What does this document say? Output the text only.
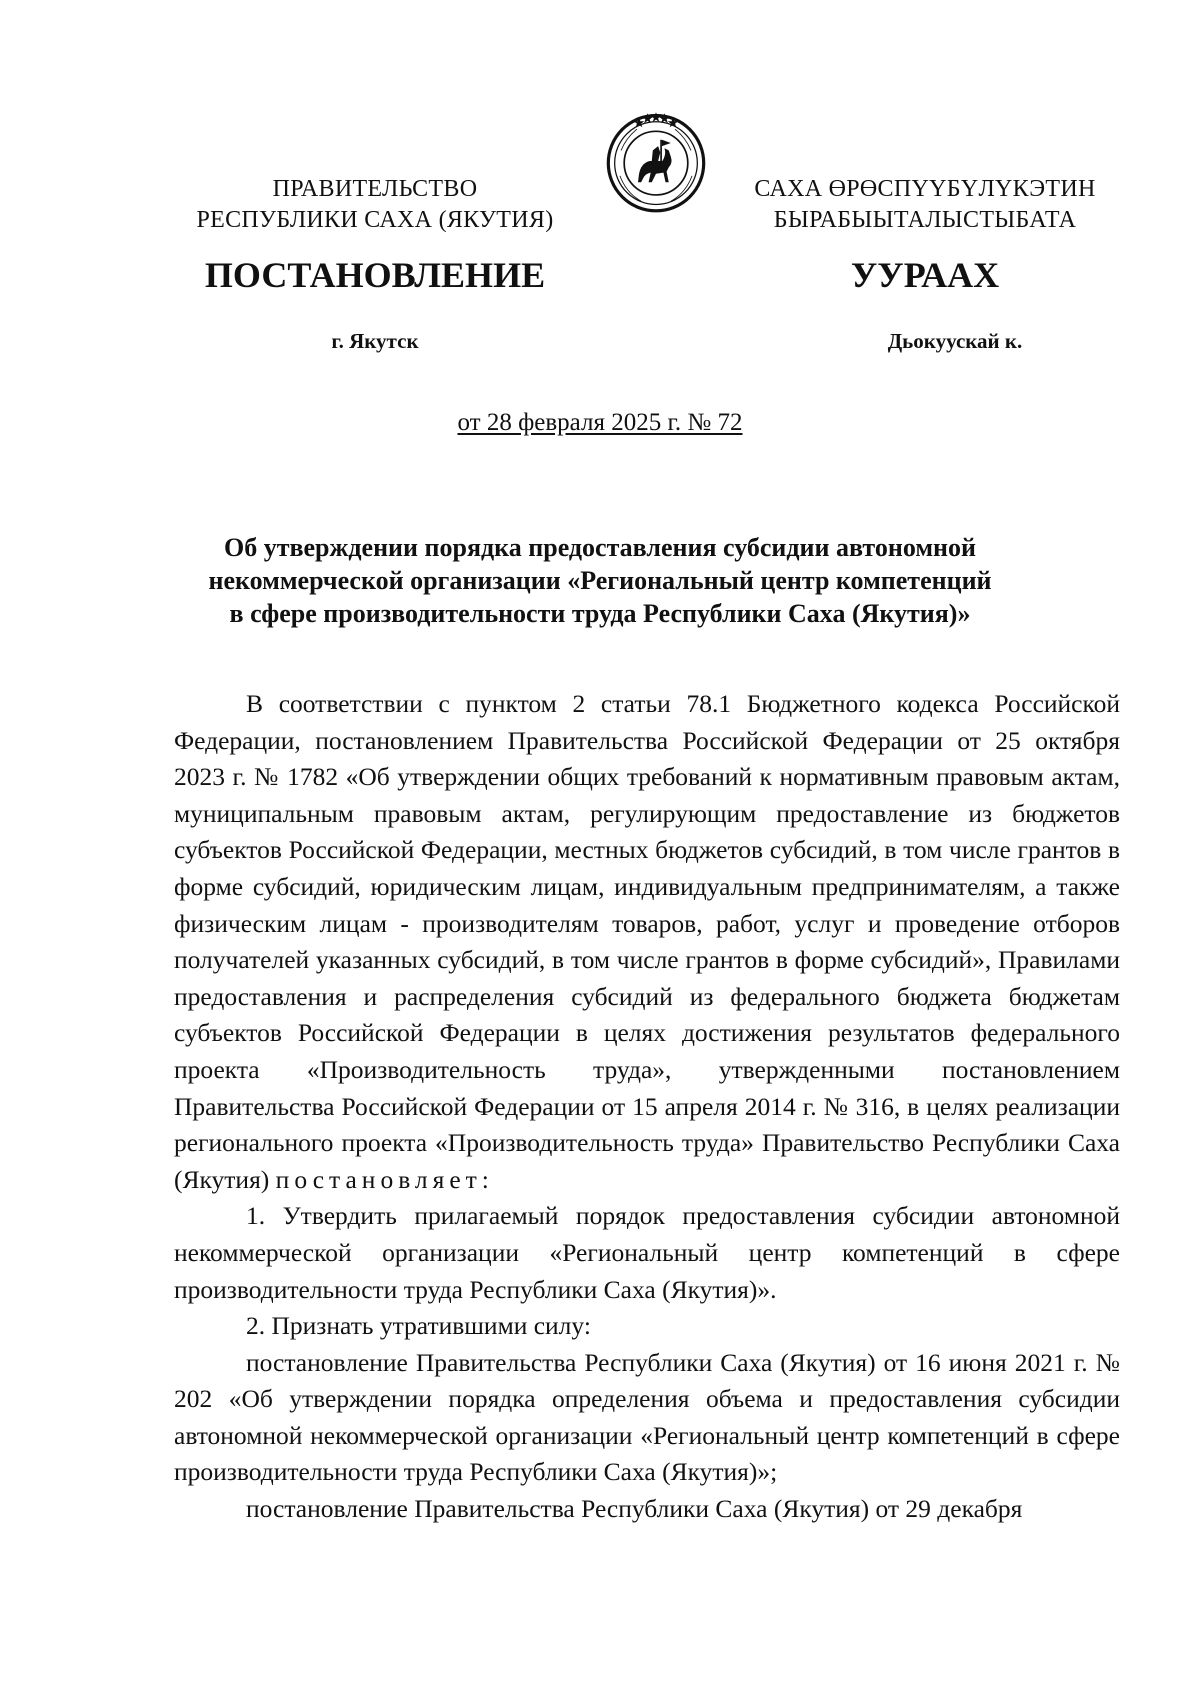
ПРАВИТЕЛЬСТВО
РЕСПУБЛИКИ САХА (ЯКУТИЯ)
САХА ӨРӨСПҮҮБҮЛҮКЭТИН
БЫРАБЫЫТАЛЫСТЫБАТА
ПОСТАНОВЛЕНИЕ	УУРААХ
г. Якутск	Дьокуускай к.
от 28 февраля 2025 г. № 72
Об утверждении порядка предоставления субсидии автономной
некоммерческой организации «Региональный центр компетенций
в сфере производительности труда Республики Саха (Якутия)»

В соответствии с пунктом 2 статьи 78.1 Бюджетного кодекса Российской Федерации, постановлением Правительства Российской Федерации от 25 октября 2023 г. № 1782 «Об утверждении общих требований к нормативным правовым актам, муниципальным правовым актам, регулирующим предоставление из бюджетов субъектов Российской Федерации, местных бюджетов субсидий, в том числе грантов в форме субсидий, юридическим лицам, индивидуальным предпринимателям, а также физическим лицам - производителям товаров, работ, услуг и проведение отборов получателей указанных субсидий, в том числе грантов в форме субсидий», Правилами предоставления и распределения субсидий из федерального бюджета бюджетам субъектов Российской Федерации в целях достижения результатов федерального проекта «Производительность труда», утвержденными постановлением Правительства Российской Федерации от 15 апреля 2014 г. № 316, в целях реализации регионального проекта «Производительность труда» Правительство Республики Саха (Якутия) постановляет:

1. Утвердить прилагаемый порядок предоставления субсидии автономной некоммерческой организации «Региональный центр компетенций в сфере производительности труда Республики Саха (Якутия)».

2. Признать утратившими силу:

постановление Правительства Республики Саха (Якутия) от 16 июня 2021 г. № 202 «Об утверждении порядка определения объема и предоставления субсидии автономной некоммерческой организации «Региональный центр компетенций в сфере производительности труда Республики Саха (Якутия)»;

постановление Правительства Республики Саха (Якутия) от 29 декабря
